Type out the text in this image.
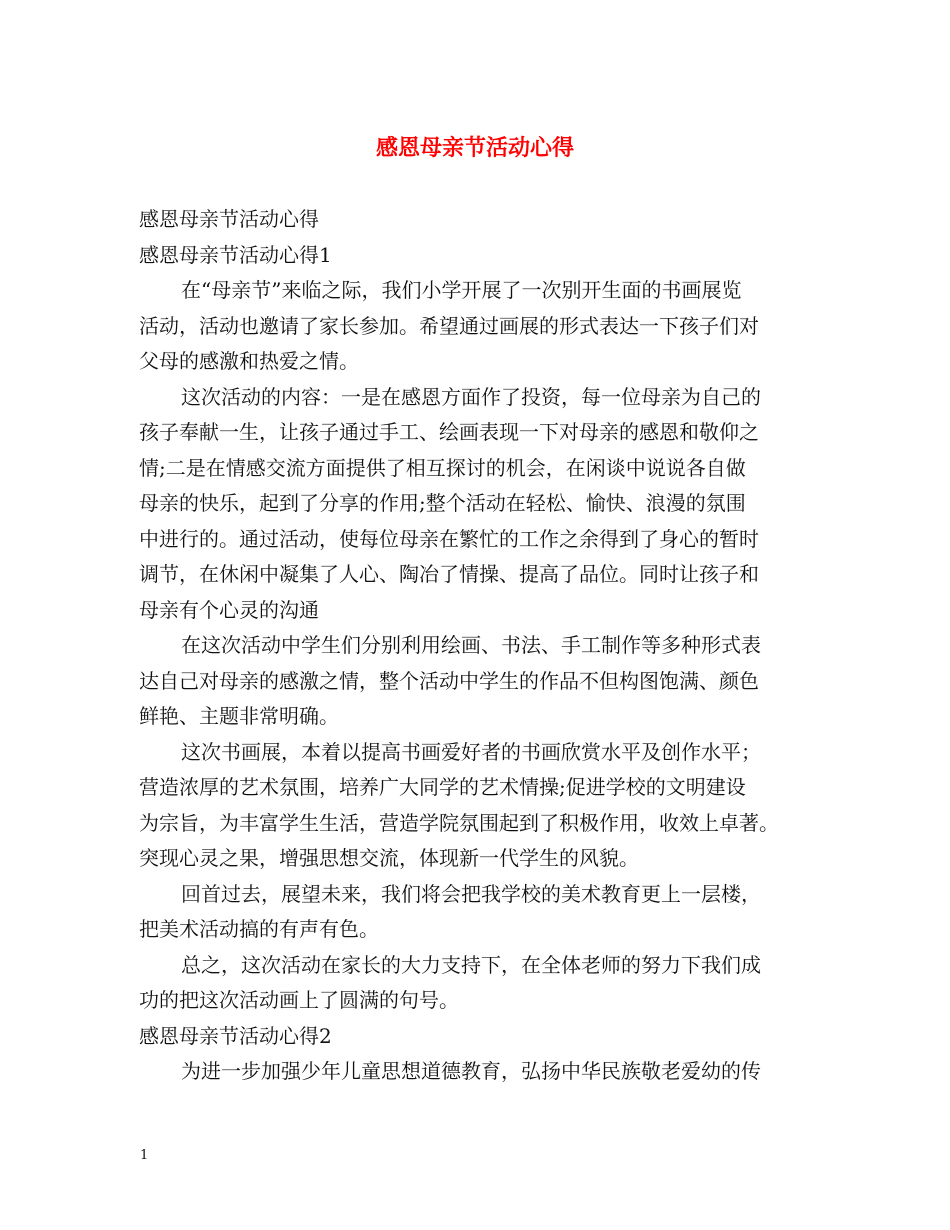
感恩母亲节活动心得
感恩母亲节活动心得
感恩母亲节活动心得1
在“母亲节”来临之际，我们小学开展了一次别开生面的书画展览
活动，活动也邀请了家长参加。希望通过画展的形式表达一下孩子们对
父母的感激和热爱之情。
这次活动的内容：一是在感恩方面作了投资，每一位母亲为自己的
孩子奉献一生，让孩子通过手工、绘画表现一下对母亲的感恩和敬仰之
情;二是在情感交流方面提供了相互探讨的机会，在闲谈中说说各自做
母亲的快乐，起到了分享的作用;整个活动在轻松、愉快、浪漫的氛围
中进行的。通过活动，使每位母亲在繁忙的工作之余得到了身心的暂时
调节，在休闲中凝集了人心、陶冶了情操、提高了品位。同时让孩子和
母亲有个心灵的沟通
在这次活动中学生们分别利用绘画、书法、手工制作等多种形式表
达自己对母亲的感激之情，整个活动中学生的作品不但构图饱满、颜色
鲜艳、主题非常明确。
这次书画展，本着以提高书画爱好者的书画欣赏水平及创作水平；
营造浓厚的艺术氛围，培养广大同学的艺术情操;促进学校的文明建设
为宗旨，为丰富学生生活，营造学院氛围起到了积极作用，收效上卓著。
突现心灵之果，增强思想交流，体现新一代学生的风貌。
回首过去，展望未来，我们将会把我学校的美术教育更上一层楼，
把美术活动搞的有声有色。
总之，这次活动在家长的大力支持下，在全体老师的努力下我们成
功的把这次活动画上了圆满的句号。
感恩母亲节活动心得2
为进一步加强少年儿童思想道德教育，弘扬中华民族敬老爱幼的传
1
